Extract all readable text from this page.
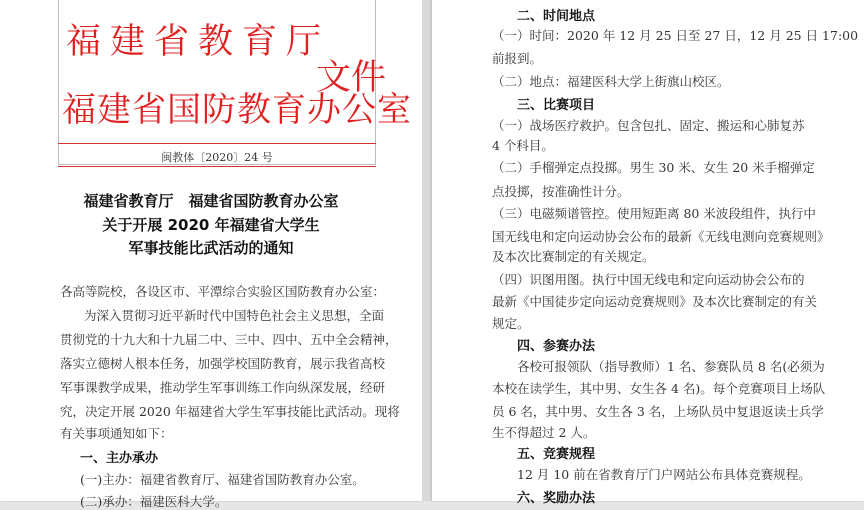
福建省教育厅
福建省国防教育办公室
文件
闽教体〔2020〕24 号
福建省教育厅　福建省国防教育办公室
关于开展 2020 年福建省大学生
军事技能比武活动的通知
各高等院校，各设区市、平潭综合实验区国防教育办公室：
为深入贯彻习近平新时代中国特色社会主义思想，全面
贯彻党的十九大和十九届二中、三中、四中、五中全会精神，
落实立德树人根本任务，加强学校国防教育，展示我省高校
军事课教学成果，推动学生军事训练工作向纵深发展，经研
究，决定开展 2020 年福建省大学生军事技能比武活动。现将
有关事项通知如下：
一、主办承办
(一)主办：福建省教育厅、福建省国防教育办公室。
(二)承办：福建医科大学。
二、时间地点
（一）时间：2020 年 12 月 25 日至 27 日，12 月 25 日 17:00
前报到。
（二）地点：福建医科大学上街旗山校区。
三、比赛项目
（一）战场医疗救护。包含包扎、固定、搬运和心肺复苏
4 个科目。
（二）手榴弹定点投掷。男生 30 米、女生 20 米手榴弹定
点投掷，按准确性计分。
（三）电磁频谱管控。使用短距离 80 米波段组件，执行中
国无线电和定向运动协会公布的最新《无线电测向竞赛规则》
及本次比赛制定的有关规定。
（四）识图用图。执行中国无线电和定向运动协会公布的
最新《中国徒步定向运动竞赛规则》及本次比赛制定的有关
规定。
四、参赛办法
各校可报领队（指导教师）1 名、参赛队员 8 名(必须为
本校在读学生，其中男、女生各 4 名)。每个竞赛项目上场队
员 6 名，其中男、女生各 3 名，上场队员中复退返读士兵学
生不得超过 2 人。
五、竞赛规程
12 月 10 前在省教育厅门户网站公布具体竞赛规程。
六、奖励办法
